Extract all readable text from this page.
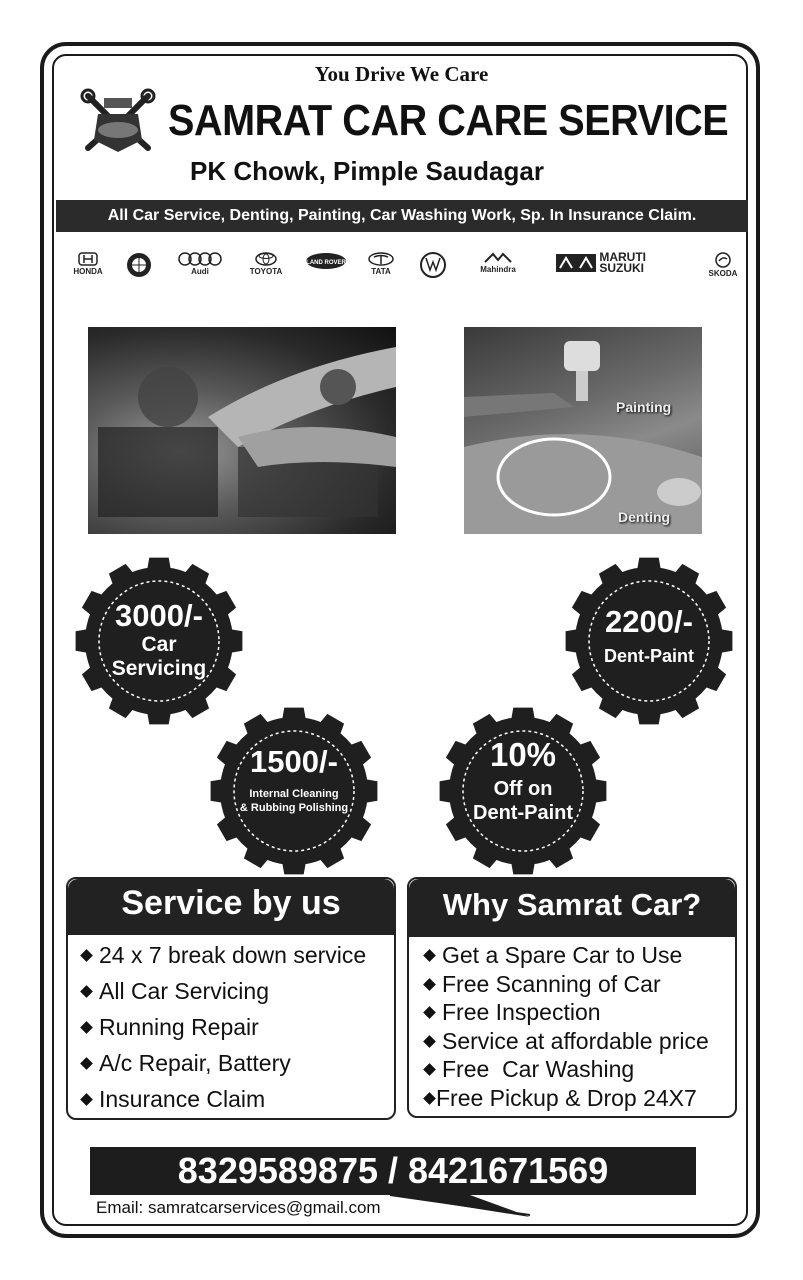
You Drive We Care
SAMRAT CAR CARE SERVICE
PK Chowk, Pimple Saudagar
All Car Service, Denting, Painting, Car Washing Work, Sp. In Insurance Claim.
HONDA	Audi	TOYOTA
LAND ROVER
TATA	Mahindra
MARUTI SUZUKI	SKODA
Painting
Denting
3000/-
Car
Servicing
2200/-
Dent-Paint
1500/-
Internal Cleaning
& Rubbing Polishing
10%
Off on
Dent-Paint
Service by us
24 x 7 break down service
All Car Servicing
Running Repair
A/c Repair, Battery
Insurance Claim
Why Samrat Car?
Get a Spare Car to Use
Free Scanning of Car
Free Inspection
Service at affordable price
Free  Car Washing
Free Pickup & Drop 24X7
8329589875 / 8421671569
Email: samratcarservices@gmail.com
